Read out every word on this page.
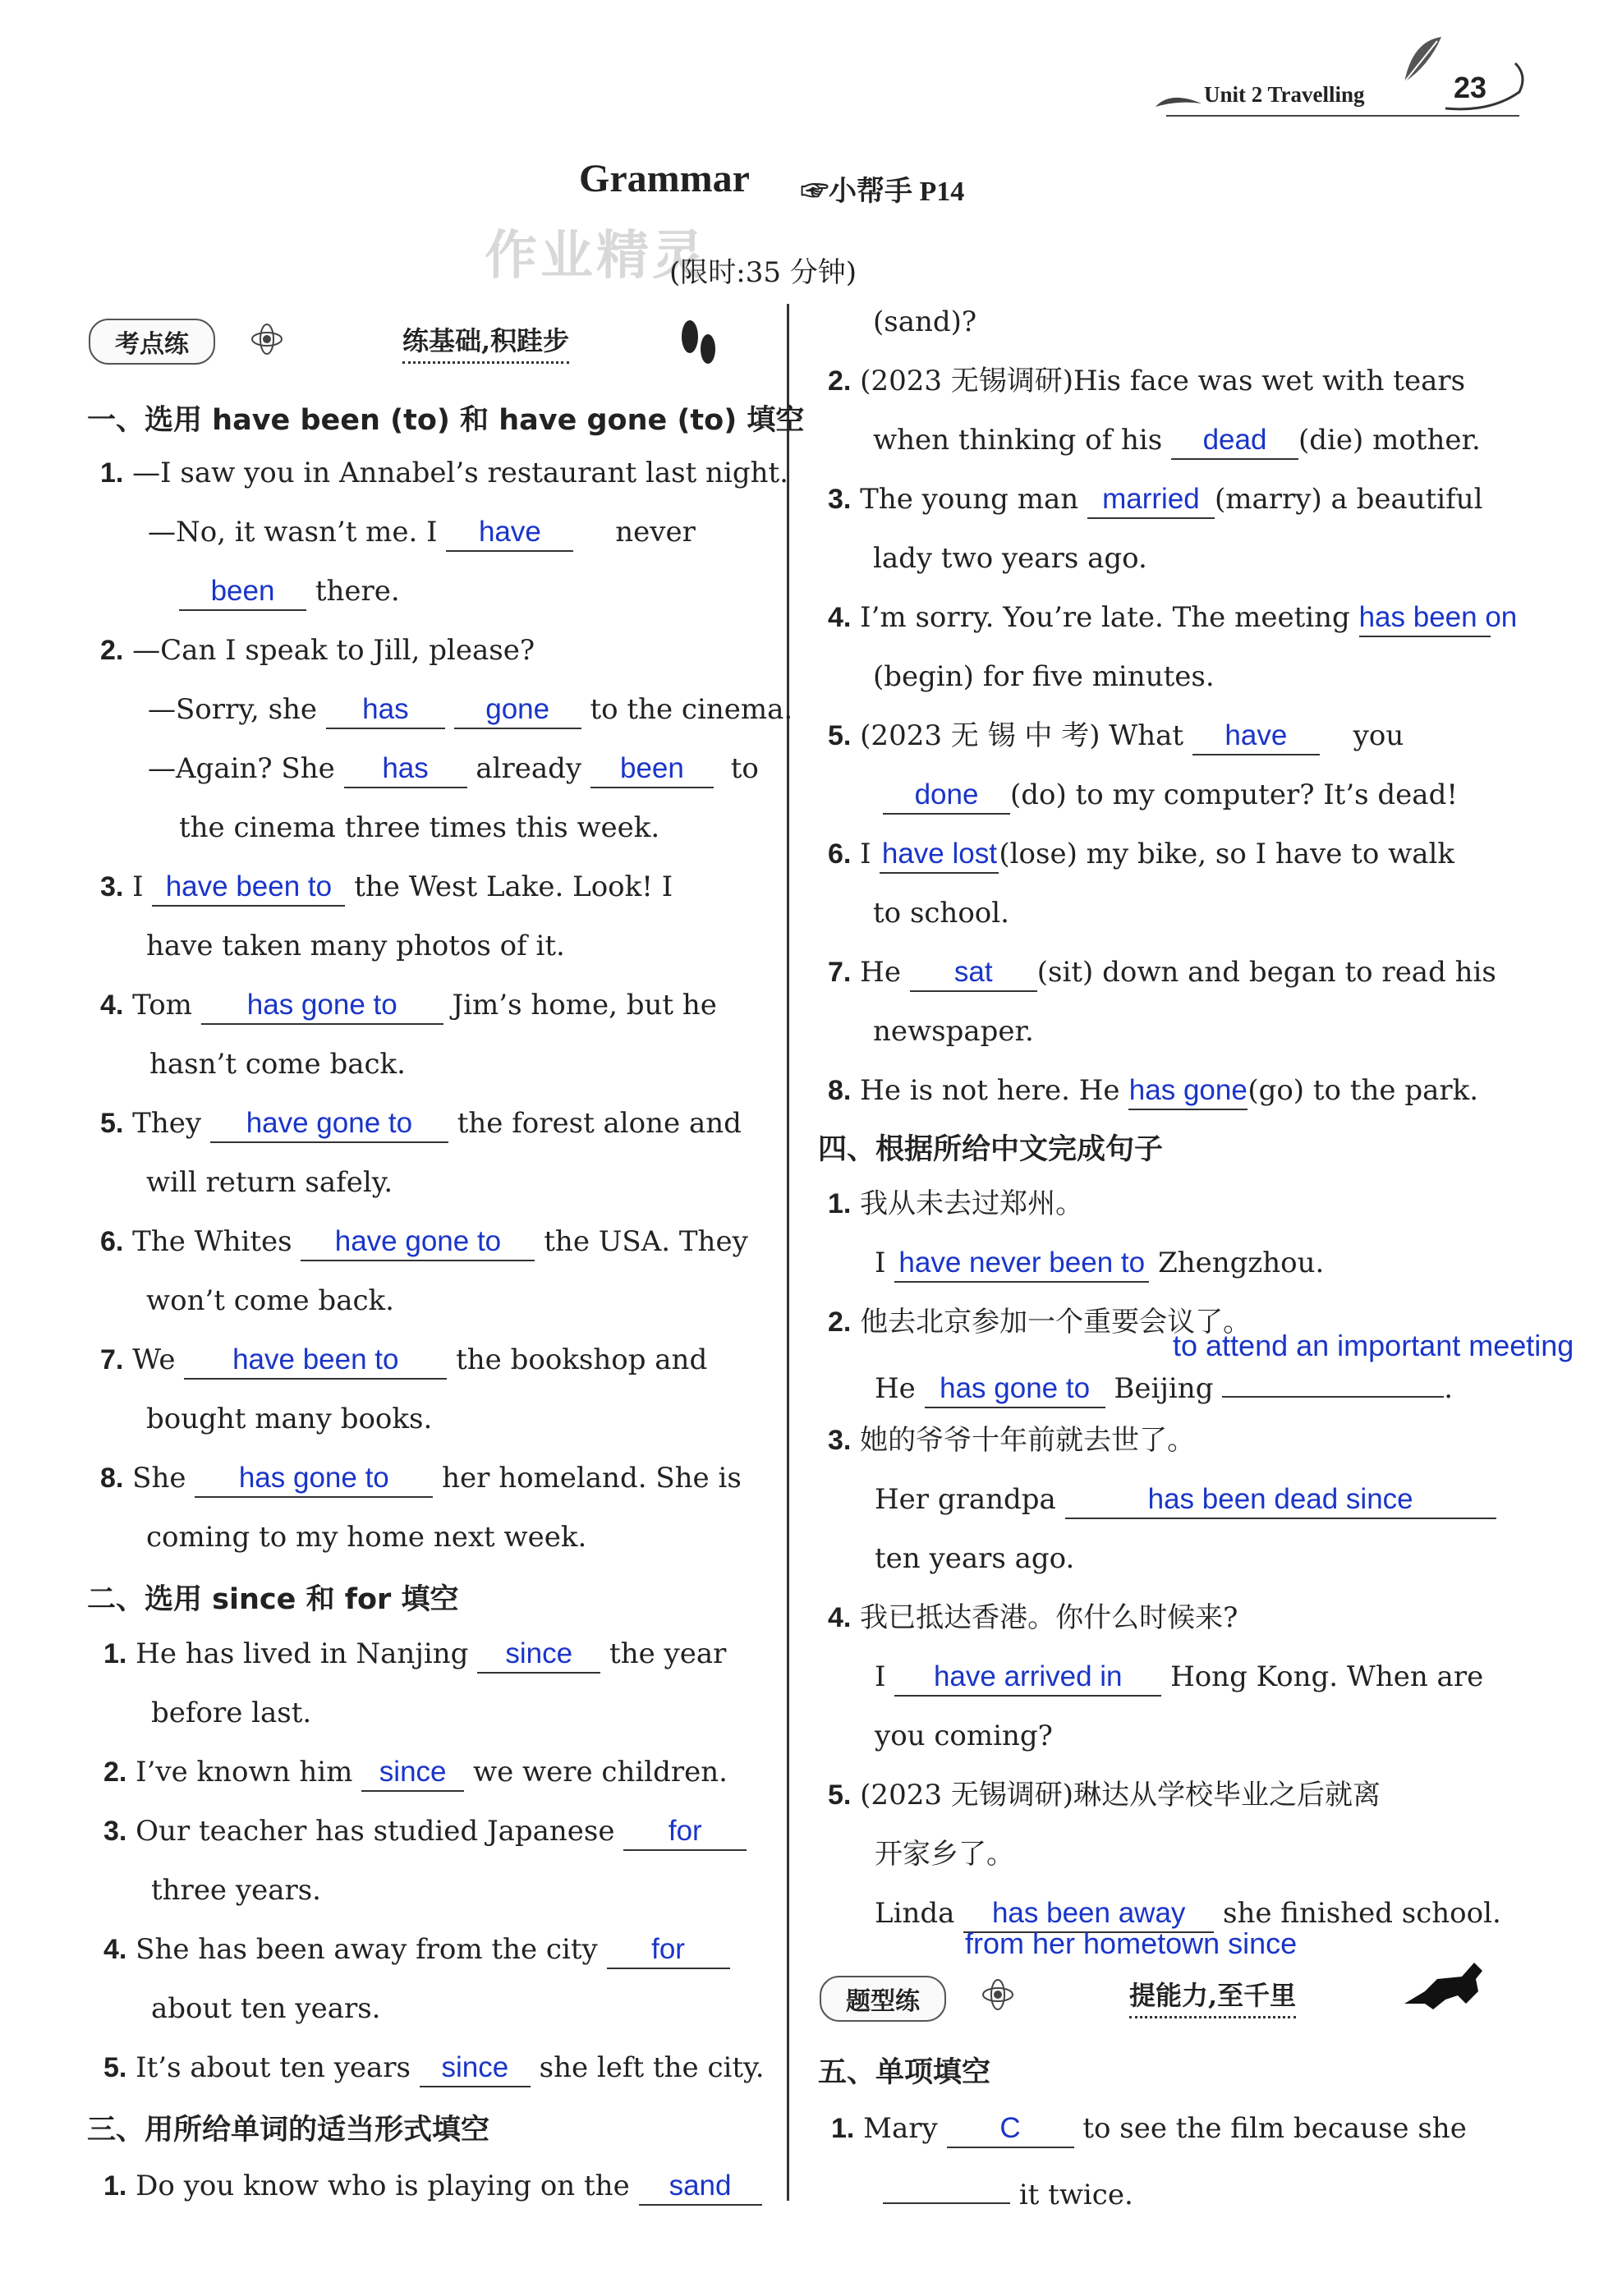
Unit 2 Travelling	23
Grammar ☞小帮手 P14
作业精灵
(限时:35 分钟)
考点练	练基础,积跬步
一、选用 have been (to) 和 have gone (to) 填空
1. —I saw you in Annabel’s restaurant last night.
—No, it wasn’t me. I have	never
been there.
2. —Can I speak to Jill, please?
—Sorry, she has	gone to the cinema.
—Again? She has already been to
the cinema three times this week.
3. I have been to the West Lake. Look! I
have taken many photos of it.
4. Tom has gone to Jim’s home, but he
hasn’t come back.
5. They have gone to the forest alone and
will return safely.
6. The Whites have gone to the USA. They
won’t come back.
7. We have been to the bookshop and
bought many books.
8. She has gone to her homeland. She is
coming to my home next week.
二、选用 since 和 for 填空
1. He has lived in Nanjing since the year
before last.
2. I’ve known him since we were children.
3. Our teacher has studied Japanese for
three years.
4. She has been away from the city for
about ten years.
5. It’s about ten years since she left the city.
三、用所给单词的适当形式填空
1. Do you know who is playing on the sand
(sand)?
2. (2023 无锡调研)His face was wet with tears
when thinking of his dead (die) mother.
3. The young man married (marry) a beautiful
lady two years ago.
4. I’m sorry. You’re late. The meeting has been on
(begin) for five minutes.
5. (2023 无 锡 中 考) What have you
done (do) to my computer? It’s dead!
6. I have lost(lose) my bike, so I have to walk
to school.
7. He sat (sit) down and began to read his
newspaper.
8. He is not here. He has gone(go) to the park.
四、根据所给中文完成句子
1. 我从未去过郑州。
I have never been to Zhengzhou.
2. 他去北京参加一个重要会议了。
to attend an important meeting
He has gone to Beijing	.
3. 她的爷爷十年前就去世了。
Her grandpa	has been dead since
ten years ago.
4. 我已抵达香港。你什么时候来?
I have arrived in Hong Kong. When are
you coming?
5. (2023 无锡调研)琳达从学校毕业之后就离
开家乡了。
Linda has been away she finished school.
from her hometown since
题型练	提能力,至千里
五、单项填空
1. Mary C to see the film because she
it twice.
